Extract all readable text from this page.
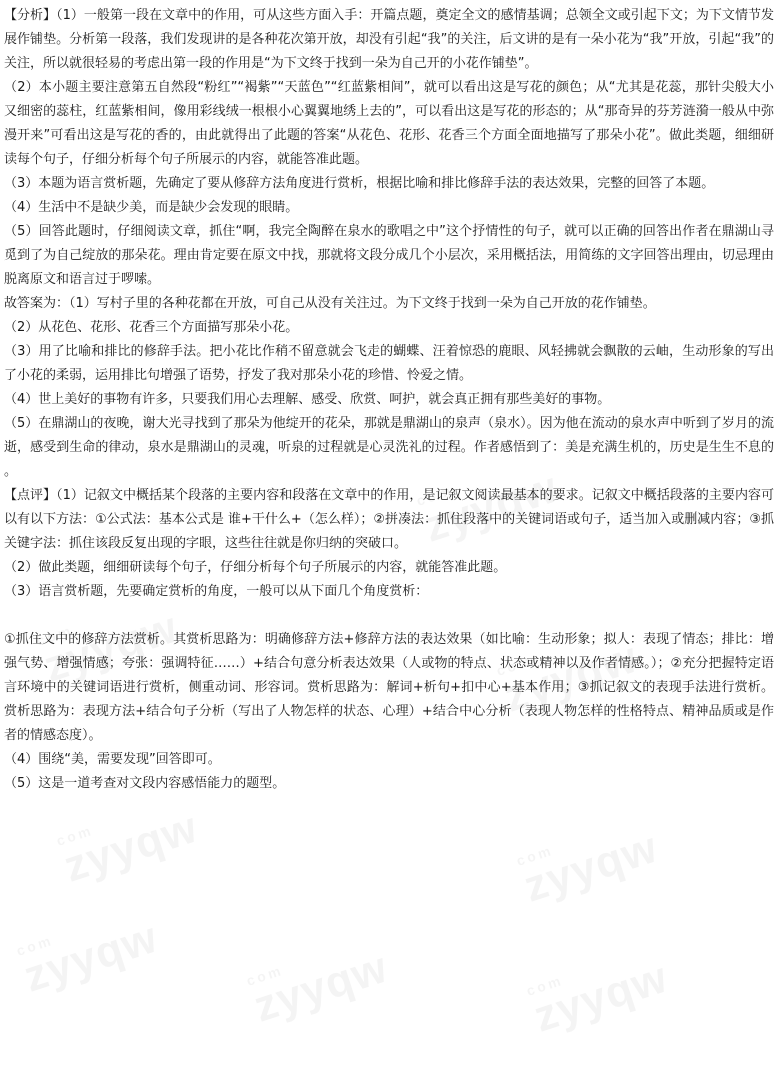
【分析】（1）一般第一段在文章中的作用，可从这些方面入手：开篇点题，奠定全文的感情基调；总领全文或引起下文；为下文情节发展作铺垫。分析第一段落，我们发现讲的是各种花次第开放，却没有引起“我”的关注，后文讲的是有一朵小花为“我”开放，引起“我”的关注，所以就很轻易的考虑出第一段的作用是“为下文终于找到一朵为自己开的小花作铺垫”。

（2）本小题主要注意第五自然段“粉红”“褐紫”“天蓝色”“红蓝紫相间”，就可以看出这是写花的颜色；从“尤其是花蕊，那针尖般大小又细密的蕊柱，红蓝紫相间，像用彩线绒一根根小心翼翼地绣上去的”，可以看出这是写花的形态的；从“那奇异的芬芳涟漪一般从中弥漫开来”可看出这是写花的香的，由此就得出了此题的答案“从花色、花形、花香三个方面全面地描写了那朵小花”。做此类题，细细研读每个句子，仔细分析每个句子所展示的内容，就能答准此题。

（3）本题为语言赏析题，先确定了要从修辞方法角度进行赏析，根据比喻和排比修辞手法的表达效果，完整的回答了本题。

（4）生活中不是缺少美，而是缺少会发现的眼睛。

（5）回答此题时，仔细阅读文章，抓住“啊，我完全陶醉在泉水的歌唱之中”这个抒情性的句子，就可以正确的回答出作者在鼎湖山寻觅到了为自己绽放的那朵花。理由肯定要在原文中找，那就将文段分成几个小层次，采用概括法，用简练的文字回答出理由，切忌理由脱离原文和语言过于啰嗦。

故答案为：（1）写村子里的各种花都在开放，可自己从没有关注过。为下文终于找到一朵为自己开放的花作铺垫。

（2）从花色、花形、花香三个方面描写那朵小花。

（3）用了比喻和排比的修辞手法。把小花比作稍不留意就会飞走的蝴蝶、汪着惊恐的鹿眼、风轻拂就会飘散的云岫，生动形象的写出了小花的柔弱，运用排比句增强了语势，抒发了我对那朵小花的珍惜、怜爱之情。

（4）世上美好的事物有许多，只要我们用心去理解、感受、欣赏、呵护，就会真正拥有那些美好的事物。

（5）在鼎湖山的夜晚，谢大光寻找到了那朵为他绽开的花朵，那就是鼎湖山的泉声（泉水）。因为他在流动的泉水声中听到了岁月的流逝，感受到生命的律动，泉水是鼎湖山的灵魂，听泉的过程就是心灵洗礼的过程。作者感悟到了：美是充满生机的，历史是生生不息的 。

【点评】（1）记叙文中概括某个段落的主要内容和段落在文章中的作用，是记叙文阅读最基本的要求。记叙文中概括段落的主要内容可以有以下方法：①公式法：基本公式是 谁+干什么+（怎么样）；②拼凑法：抓住段落中的关键词语或句子，适当加入或删减内容；③抓关键字法：抓住该段反复出现的字眼，这些往往就是你归纳的突破口。

（2）做此类题，细细研读每个句子，仔细分析每个句子所展示的内容，就能答准此题。

（3）语言赏析题，先要确定赏析的角度，一般可以从下面几个角度赏析：

①抓住文中的修辞方法赏析。其赏析思路为：明确修辞方法+修辞方法的表达效果（如比喻：生动形象；拟人：表现了情态；排比：增强气势、增强情感；夸张：强调特征……）+结合句意分析表达效果（人或物的特点、状态或精神以及作者情感。）；②充分把握特定语言环境中的关键词语进行赏析，侧重动词、形容词。赏析思路为：解词+析句+扣中心+基本作用；③抓记叙文的表现手法进行赏析。赏析思路为：表现方法+结合句子分析（写出了人物怎样的状态、心理）+结合中心分析（表现人物怎样的性格特点、精神品质或是作者的情感态度）。

（4）围绕“美，需要发现”回答即可。

（5）这是一道考查对文段内容感悟能力的题型。
